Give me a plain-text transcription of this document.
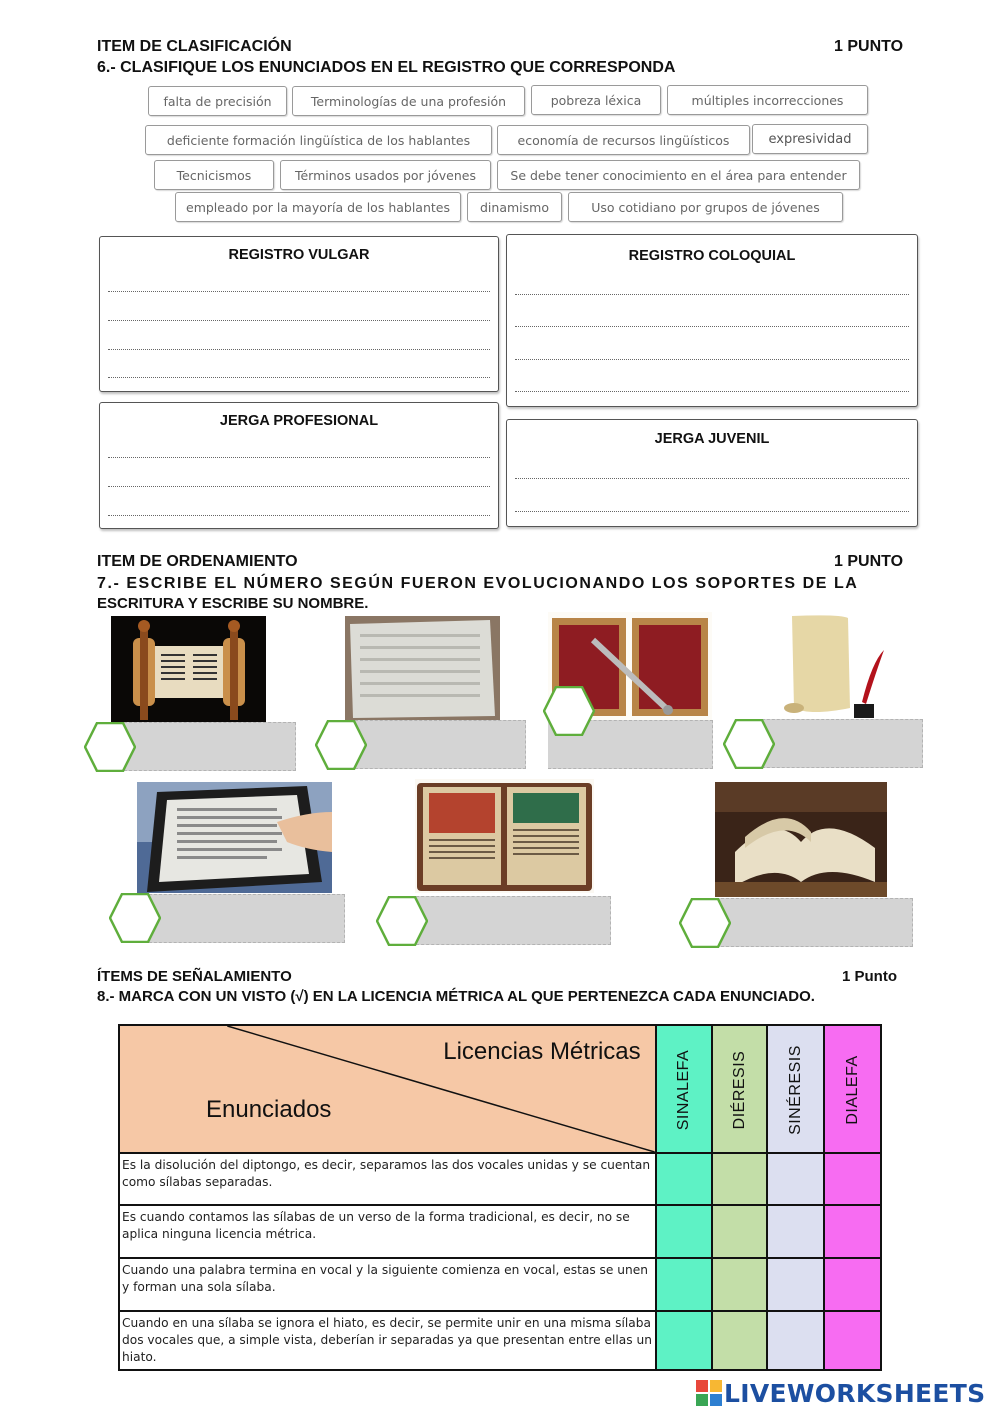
ITEM DE CLASIFICACIÓN	1 PUNTO
6.- CLASIFIQUE LOS ENUNCIADOS EN EL REGISTRO QUE CORRESPONDA
falta de precisión	Terminologías de una profesión	pobreza léxica	múltiples incorrecciones
deficiente formación lingüística de los hablantes	economía de recursos lingüísticos	expresividad
Tecnicismos	Términos usados por jóvenes	Se debe tener conocimiento en el área para entender
empleado por la mayoría de los hablantes	dinamismo	Uso cotidiano por grupos de jóvenes
REGISTRO VULGAR	REGISTRO COLOQUIAL
JERGA PROFESIONAL
JERGA JUVENIL
ITEM DE ORDENAMIENTO	1 PUNTO
7.- ESCRIBE EL NÚMERO SEGÚN FUERON EVOLUCIONANDO LOS SOPORTES DE LA
ESCRITURA Y ESCRIBE SU NOMBRE.
ÍTEMS DE SEÑALAMIENTO	1 Punto
8.- MARCA CON UN VISTO (√) EN LA LICENCIA MÉTRICA AL QUE PERTENEZCA CADA ENUNCIADO.
Licencias Métricas
Enunciados	SINALEFA	DIÉRESIS	SINÉRESIS	DIALEFA

Es la disolución del diptongo, es decir, separamos las dos vocales unidas y se cuentan como sílabas separadas.				
Es cuando contamos las sílabas de un verso de la forma tradicional, es decir, no se aplica ninguna licencia métrica.				
Cuando una palabra termina en vocal y la siguiente comienza en vocal, estas se unen y forman una sola sílaba.				
Cuando en una sílaba se ignora el hiato, es decir, se permite unir en una misma sílaba dos vocales que, a simple vista, deberían ir separadas ya que presentan entre ellas un hiato.				
LIVEWORKSHEETS
